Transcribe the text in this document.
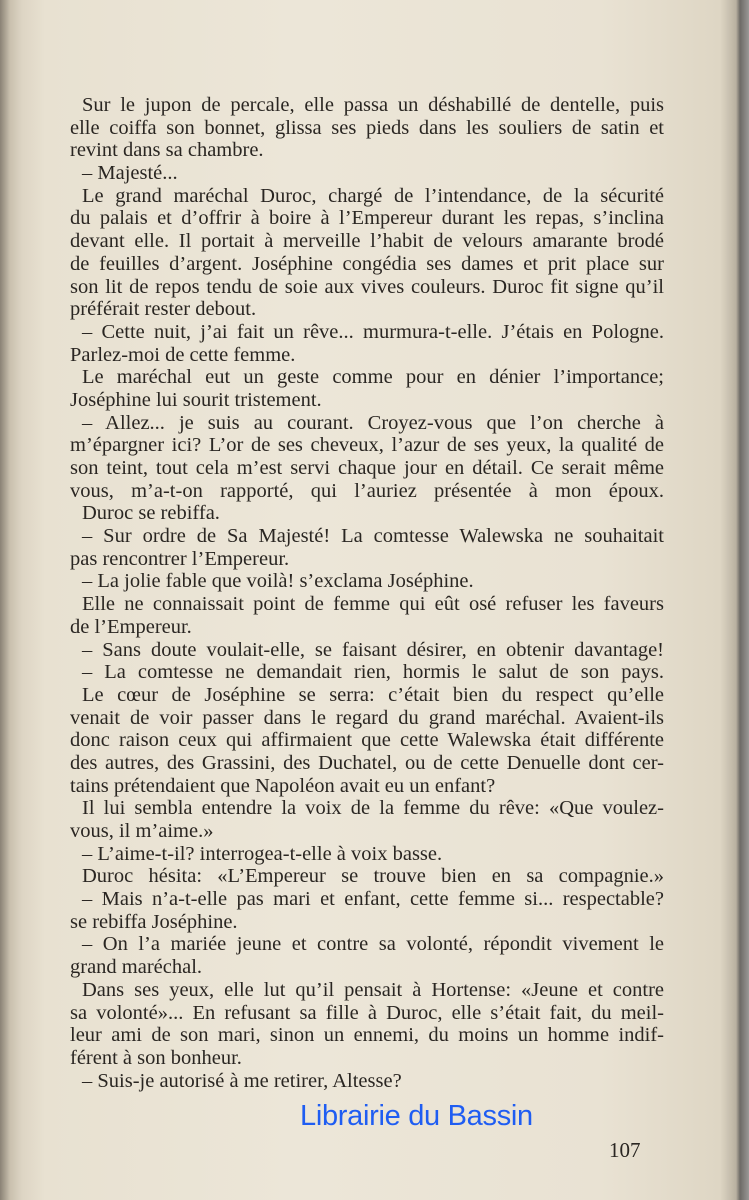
Sur le jupon de percale, elle passa un déshabillé de dentelle, puis
elle coiffa son bonnet, glissa ses pieds dans les souliers de satin et
revint dans sa chambre.
– Majesté...
Le grand maréchal Duroc, chargé de l’intendance, de la sécurité
du palais et d’offrir à boire à l’Empereur durant les repas, s’inclina
devant elle. Il portait à merveille l’habit de velours amarante brodé
de feuilles d’argent. Joséphine congédia ses dames et prit place sur
son lit de repos tendu de soie aux vives couleurs. Duroc fit signe qu’il
préférait rester debout.
– Cette nuit, j’ai fait un rêve... murmura-t-elle. J’étais en Pologne.
Parlez-moi de cette femme.
Le maréchal eut un geste comme pour en dénier l’importance;
Joséphine lui sourit tristement.
– Allez... je suis au courant. Croyez-vous que l’on cherche à
m’épargner ici? L’or de ses cheveux, l’azur de ses yeux, la qualité de
son teint, tout cela m’est servi chaque jour en détail. Ce serait même
vous, m’a-t-on rapporté, qui l’auriez présentée à mon époux.
Duroc se rebiffa.
– Sur ordre de Sa Majesté! La comtesse Walewska ne souhaitait
pas rencontrer l’Empereur.
– La jolie fable que voilà! s’exclama Joséphine.
Elle ne connaissait point de femme qui eût osé refuser les faveurs
de l’Empereur.
– Sans doute voulait-elle, se faisant désirer, en obtenir davantage!
– La comtesse ne demandait rien, hormis le salut de son pays.
Le cœur de Joséphine se serra: c’était bien du respect qu’elle
venait de voir passer dans le regard du grand maréchal. Avaient-ils
donc raison ceux qui affirmaient que cette Walewska était différente
des autres, des Grassini, des Duchatel, ou de cette Denuelle dont cer-
tains prétendaient que Napoléon avait eu un enfant?
Il lui sembla entendre la voix de la femme du rêve: «Que voulez-
vous, il m’aime.»
– L’aime-t-il? interrogea-t-elle à voix basse.
Duroc hésita: «L’Empereur se trouve bien en sa compagnie.»
– Mais n’a-t-elle pas mari et enfant, cette femme si... respectable?
se rebiffa Joséphine.
– On l’a mariée jeune et contre sa volonté, répondit vivement le
grand maréchal.
Dans ses yeux, elle lut qu’il pensait à Hortense: «Jeune et contre
sa volonté»... En refusant sa fille à Duroc, elle s’était fait, du meil-
leur ami de son mari, sinon un ennemi, du moins un homme indif-
férent à son bonheur.
– Suis-je autorisé à me retirer, Altesse?
Librairie du Bassin
107
